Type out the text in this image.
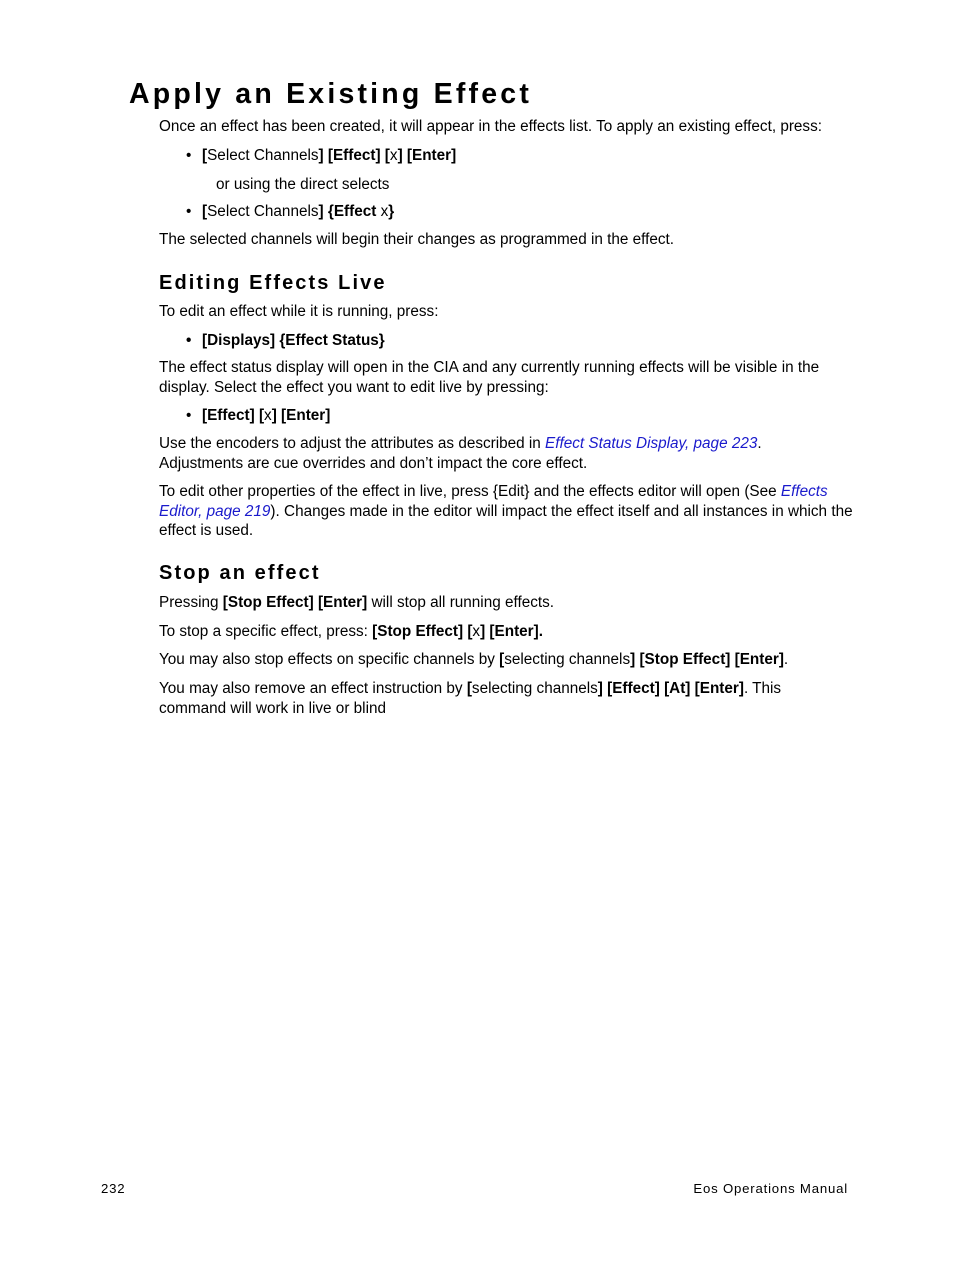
Apply an Existing Effect

Once an effect has been created, it will appear in the effects list. To apply an existing effect, press:

• [Select Channels] [Effect] [x] [Enter]
or using the direct selects
• [Select Channels] {Effect x}

The selected channels will begin their changes as programmed in the effect.

Editing Effects Live

To edit an effect while it is running, press:

• [Displays] {Effect Status}

The effect status display will open in the CIA and any currently running effects will be visible in the display. Select the effect you want to edit live by pressing:

• [Effect] [x] [Enter]

Use the encoders to adjust the attributes as described in Effect Status Display, page 223.
Adjustments are cue overrides and don’t impact the core effect.

To edit other properties of the effect in live, press {Edit} and the effects editor will open (See Effects Editor, page 219). Changes made in the editor will impact the effect itself and all instances in which the effect is used.

Stop an effect

Pressing [Stop Effect] [Enter] will stop all running effects.

To stop a specific effect, press: [Stop Effect] [x] [Enter].

You may also stop effects on specific channels by [selecting channels] [Stop Effect] [Enter].

You may also remove an effect instruction by [selecting channels] [Effect] [At] [Enter]. This command will work in live or blind

232	Eos Operations Manual
